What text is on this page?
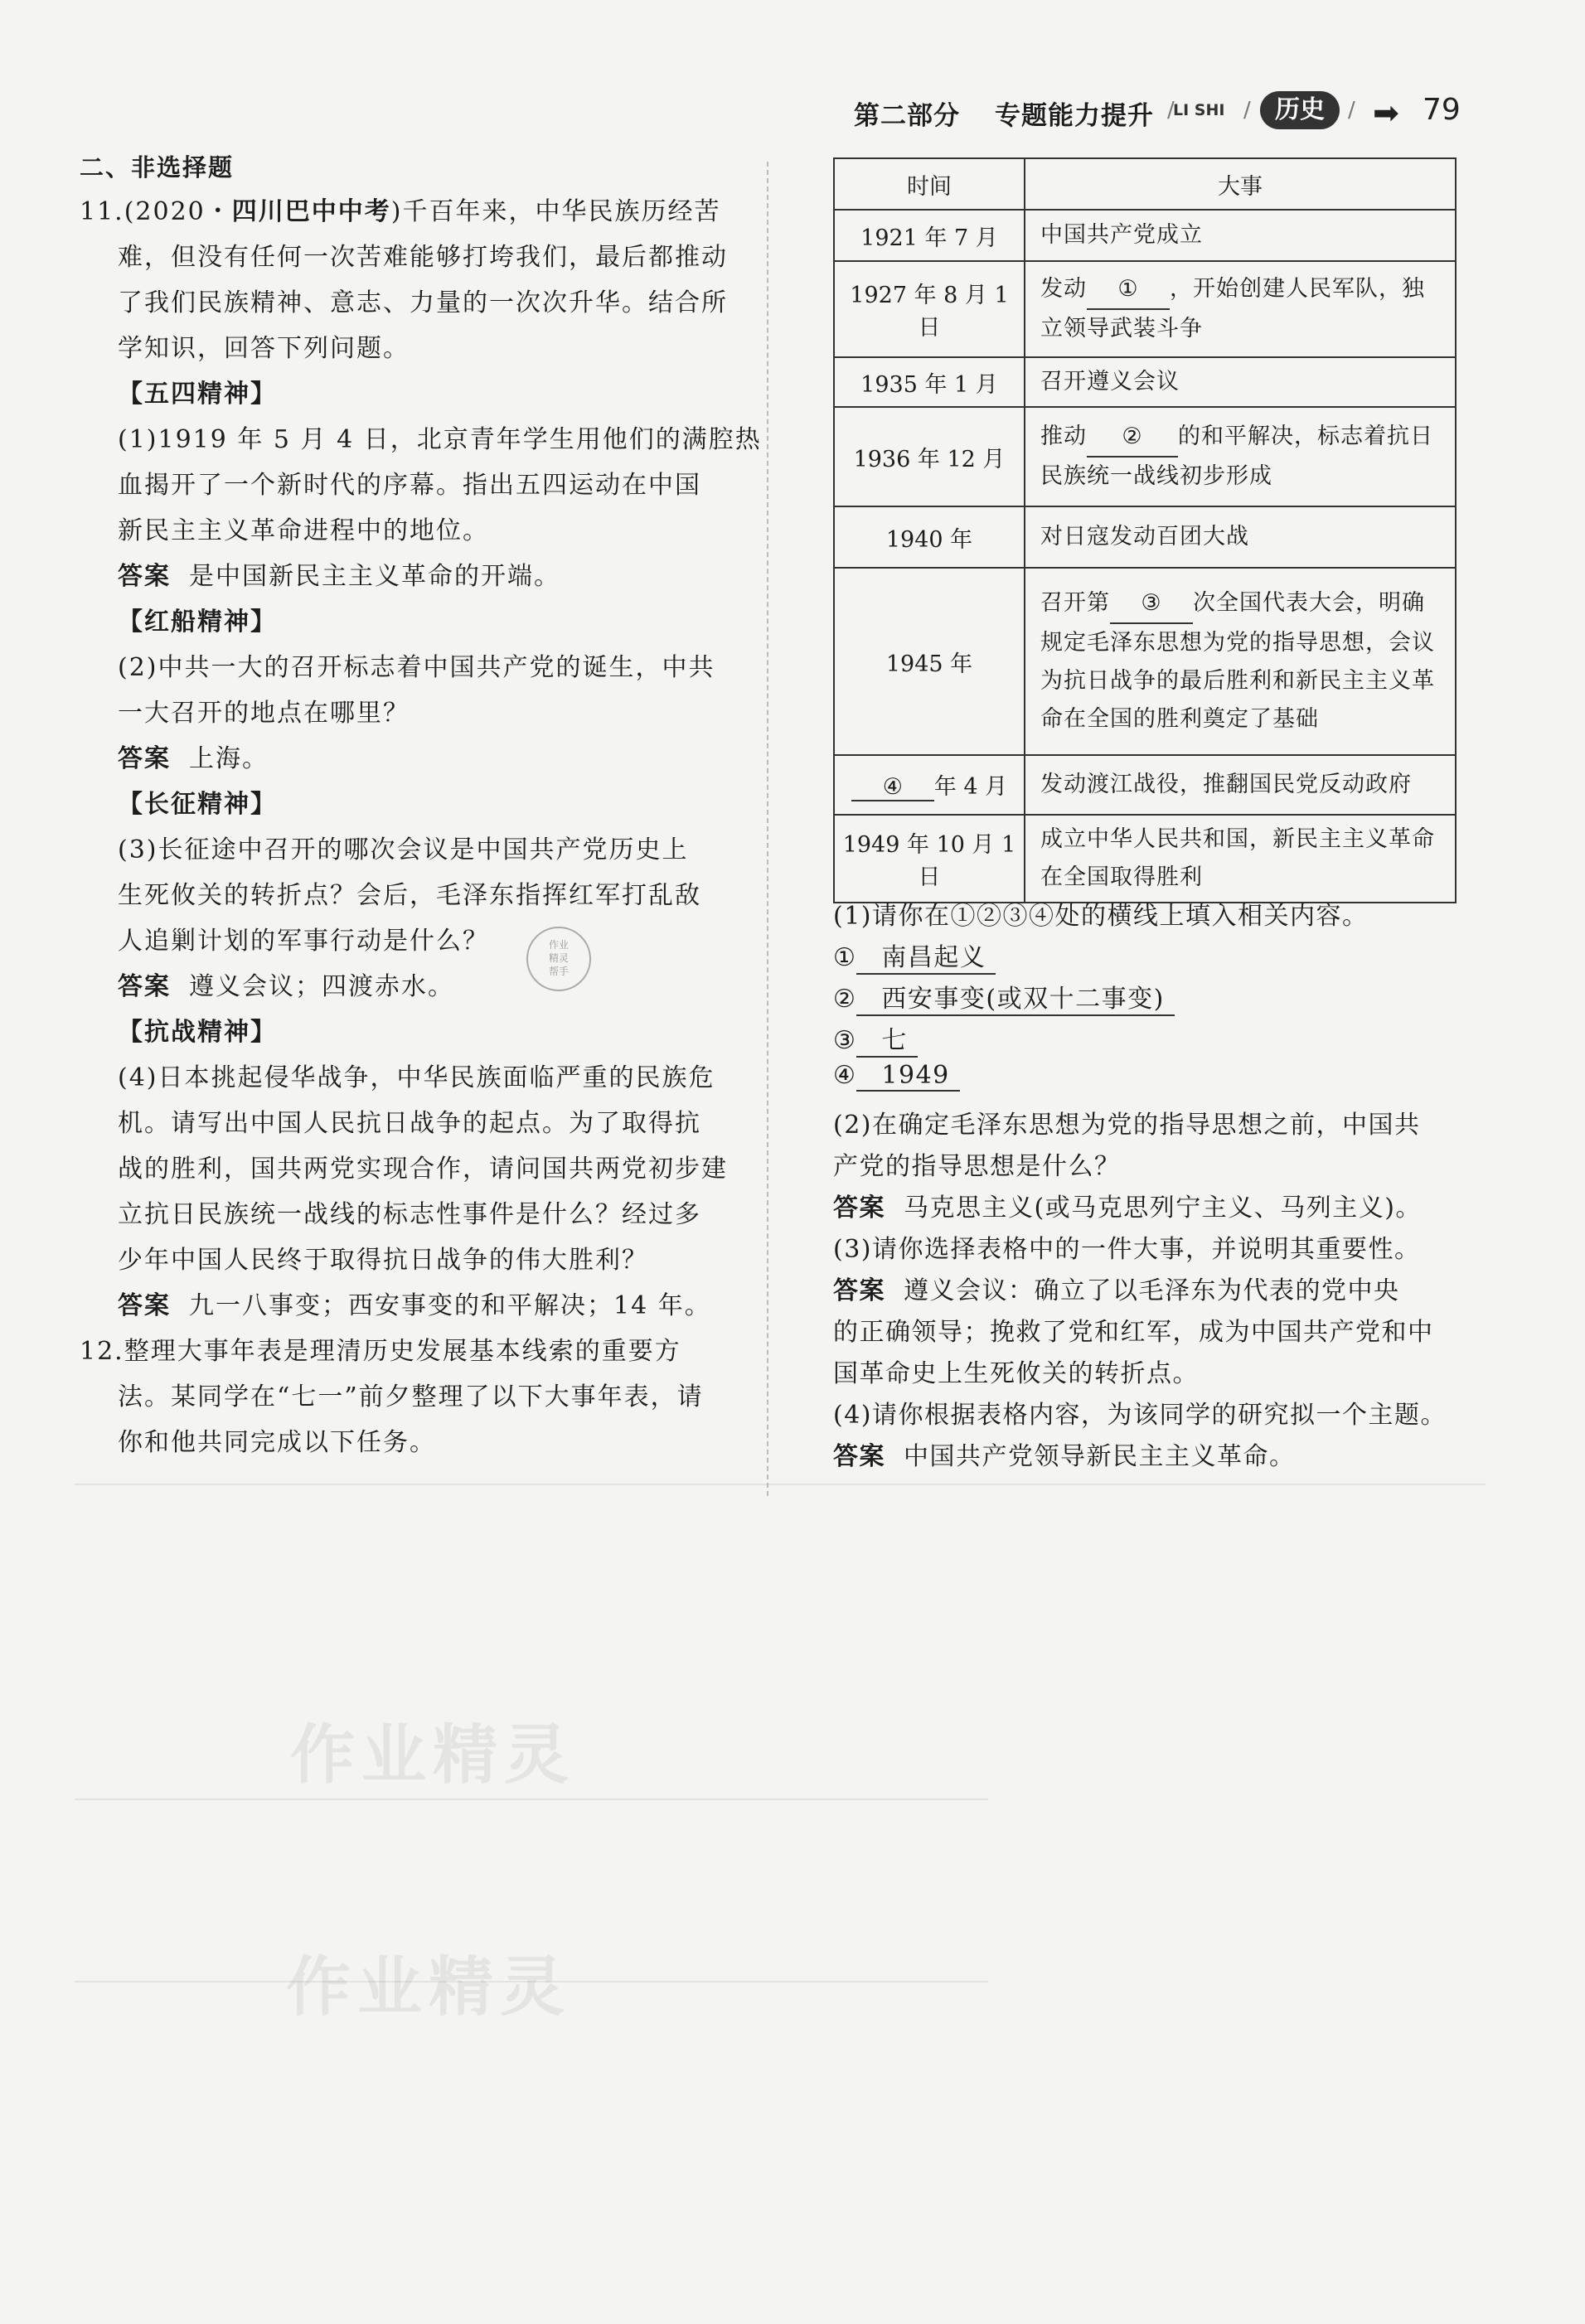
第二部分 专题能力提升 /
LI SHI / 历史	/ ➡ 79
作业精灵
作业精灵
作业
精灵
帮手
二、非选择题
11.(2020・四川巴中中考)千百年来，中华民族历经苦
难，但没有任何一次苦难能够打垮我们，最后都推动
了我们民族精神、意志、力量的一次次升华。结合所
学知识，回答下列问题。
【五四精神】
(1)1919 年 5 月 4 日，北京青年学生用他们的满腔热
血揭开了一个新时代的序幕。指出五四运动在中国
新民主主义革命进程中的地位。
答案 是中国新民主主义革命的开端。
【红船精神】
(2)中共一大的召开标志着中国共产党的诞生，中共
一大召开的地点在哪里？
答案 上海。
【长征精神】
(3)长征途中召开的哪次会议是中国共产党历史上
生死攸关的转折点？会后，毛泽东指挥红军打乱敌
人追剿计划的军事行动是什么？
答案 遵义会议；四渡赤水。
【抗战精神】
(4)日本挑起侵华战争，中华民族面临严重的民族危
机。请写出中国人民抗日战争的起点。为了取得抗
战的胜利，国共两党实现合作，请问国共两党初步建
立抗日民族统一战线的标志性事件是什么？经过多
少年中国人民终于取得抗日战争的伟大胜利？
答案 九一八事变；西安事变的和平解决；14 年。
12.整理大事年表是理清历史发展基本线索的重要方
法。某同学在“七一”前夕整理了以下大事年表，请
你和他共同完成以下任务。
时间	大事
1921 年 7 月	中国共产党成立
1927 年 8 月 1 日	发动 ① ，开始创建人民军队，独立领导武装斗争
1935 年 1 月	召开遵义会议
1936 年 12 月	推动 ② 的和平解决，标志着抗日民族统一战线初步形成
1940 年	对日寇发动百团大战
1945 年	召开第 ③ 次全国代表大会，明确规定毛泽东思想为党的指导思想，会议为抗日战争的最后胜利和新民主主义革命在全国的胜利奠定了基础
④ 年 4 月	发动渡江战役，推翻国民党反动政府
1949 年 10 月 1 日	成立中华人民共和国，新民主主义革命在全国取得胜利
(1)请你在①②③④处的横线上填入相关内容。
① 南昌起义
② 西安事变(或双十二事变)
③ 七
④ 1949
(2)在确定毛泽东思想为党的指导思想之前，中国共
产党的指导思想是什么？
答案 马克思主义(或马克思列宁主义、马列主义)。
(3)请你选择表格中的一件大事，并说明其重要性。
答案 遵义会议：确立了以毛泽东为代表的党中央
的正确领导；挽救了党和红军，成为中国共产党和中
国革命史上生死攸关的转折点。
(4)请你根据表格内容，为该同学的研究拟一个主题。
答案 中国共产党领导新民主主义革命。
